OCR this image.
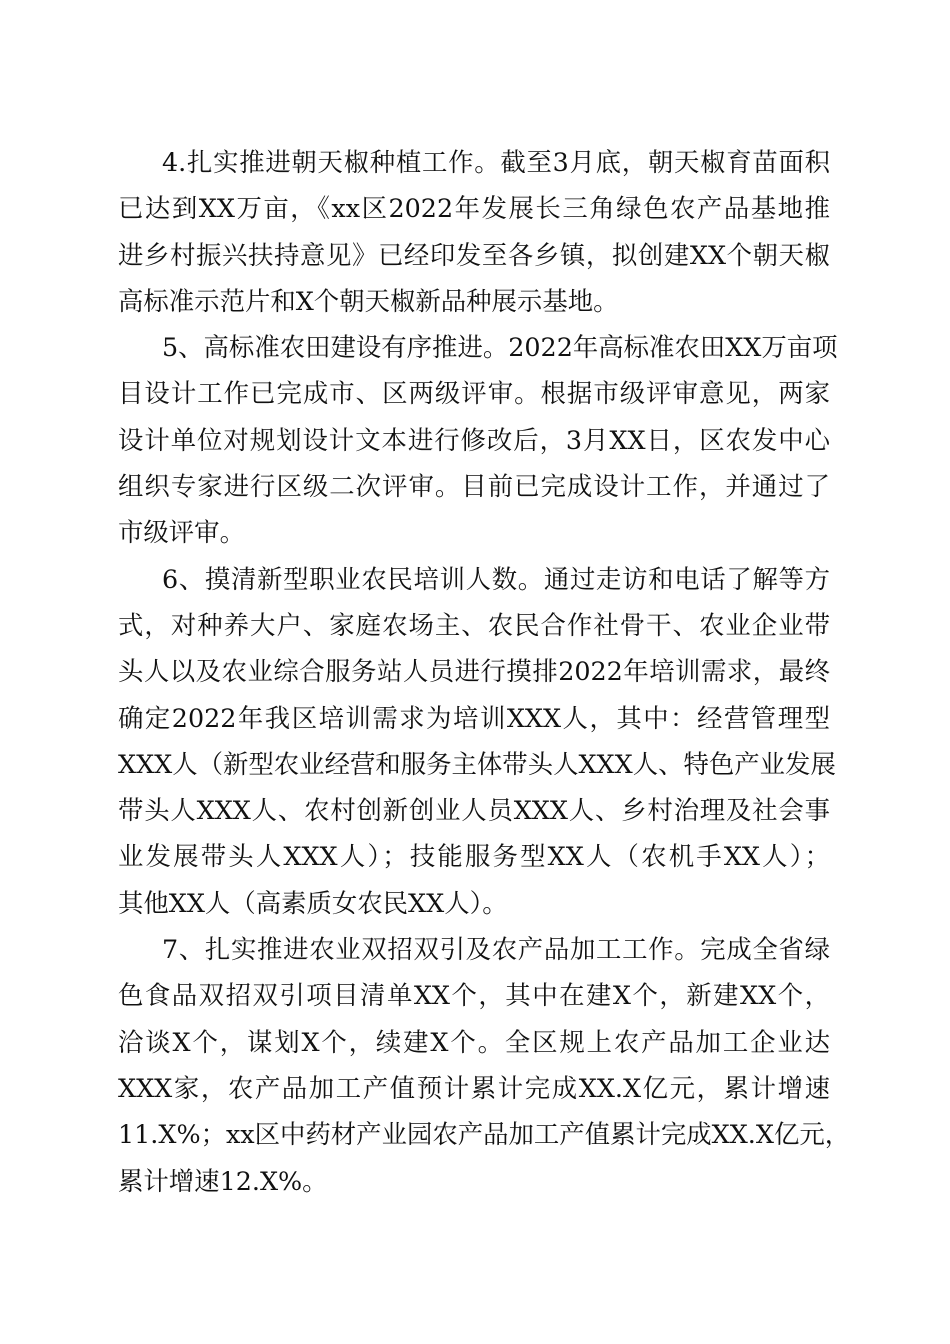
4.扎实推进朝天椒种植工作。截至3月底，朝天椒育苗面积
已达到XX万亩，《xx区2022年发展长三角绿色农产品基地推
进乡村振兴扶持意见》已经印发至各乡镇，拟创建XX个朝天椒
高标准示范片和X个朝天椒新品种展示基地。
5、高标准农田建设有序推进。2022年高标准农田XX万亩项
目设计工作已完成市、区两级评审。根据市级评审意见，两家
设计单位对规划设计文本进行修改后，3月XX日，区农发中心
组织专家进行区级二次评审。目前已完成设计工作，并通过了
市级评审。
6、摸清新型职业农民培训人数。通过走访和电话了解等方
式，对种养大户、家庭农场主、农民合作社骨干、农业企业带
头人以及农业综合服务站人员进行摸排2022年培训需求，最终
确定2022年我区培训需求为培训XXX人，其中：经营管理型
XXX人（新型农业经营和服务主体带头人XXX人、特色产业发展
带头人XXX人、农村创新创业人员XXX人、乡村治理及社会事
业发展带头人XXX人）；技能服务型XX人（农机手XX人）；
其他XX人（高素质女农民XX人）。
7、扎实推进农业双招双引及农产品加工工作。完成全省绿
色食品双招双引项目清单XX个，其中在建X个，新建XX个，
洽谈X个，谋划X个，续建X个。全区规上农产品加工企业达
XXX家，农产品加工产值预计累计完成XX.X亿元，累计增速
11.X%；xx区中药材产业园农产品加工产值累计完成XX.X亿元，
累计增速12.X%。
